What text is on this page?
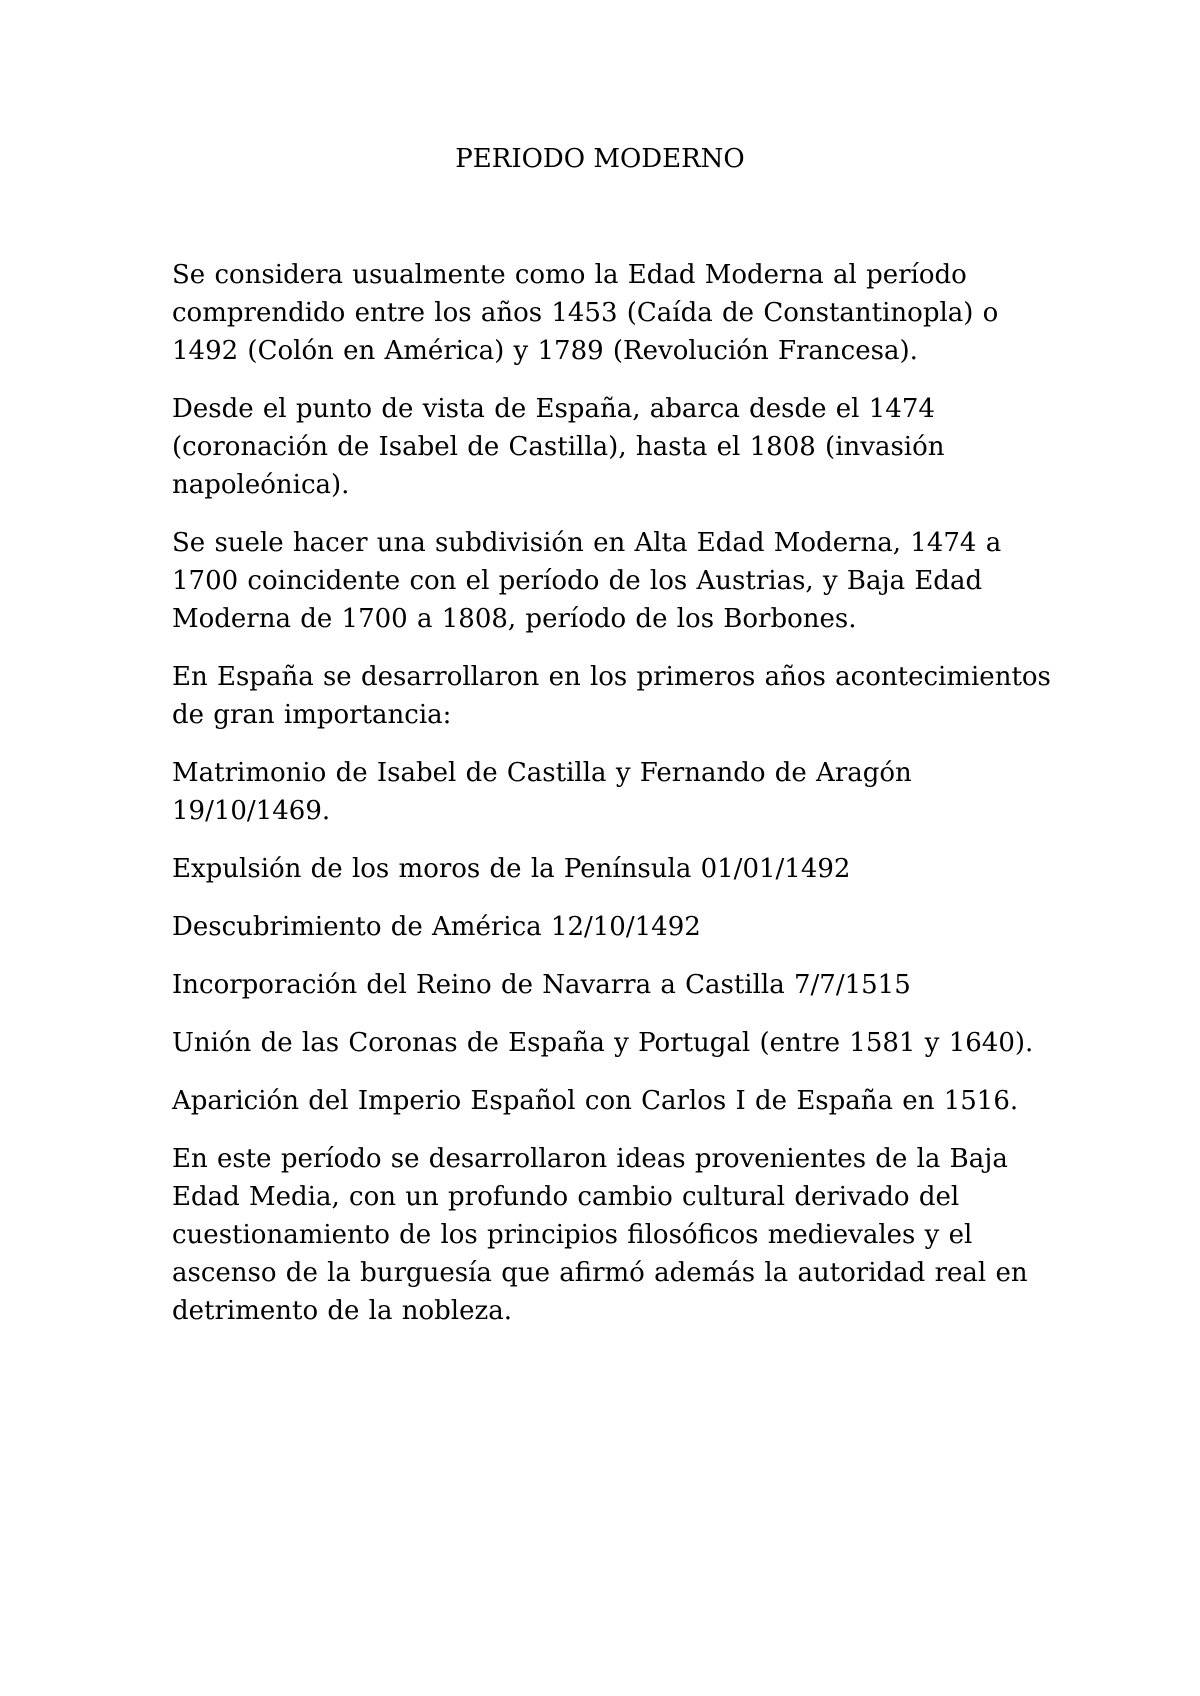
PERIODO MODERNO

Se considera usualmente como la Edad Moderna al período comprendido entre los años 1453 (Caída de Constantinopla) o 1492 (Colón en América) y 1789 (Revolución Francesa).

Desde el punto de vista de España, abarca desde el 1474 (coronación de Isabel de Castilla), hasta el 1808 (invasión napoleónica).

Se suele hacer una subdivisión en Alta Edad Moderna, 1474 a 1700 coincidente con el período de los Austrias, y Baja Edad Moderna de 1700 a 1808, período de los Borbones.

En España se desarrollaron en los primeros años acontecimientos de gran importancia:

Matrimonio de Isabel de Castilla y Fernando de Aragón 19/10/1469.

Expulsión de los moros de la Península 01/01/1492

Descubrimiento de América 12/10/1492

Incorporación del Reino de Navarra a Castilla 7/7/1515

Unión de las Coronas de España y Portugal (entre 1581 y 1640).

Aparición del Imperio Español con Carlos I de España en 1516.

En este período se desarrollaron ideas provenientes de la Baja Edad Media, con un profundo cambio cultural derivado del cuestionamiento de los principios filosóficos medievales y el ascenso de la burguesía que afirmó además la autoridad real en detrimento de la nobleza.
